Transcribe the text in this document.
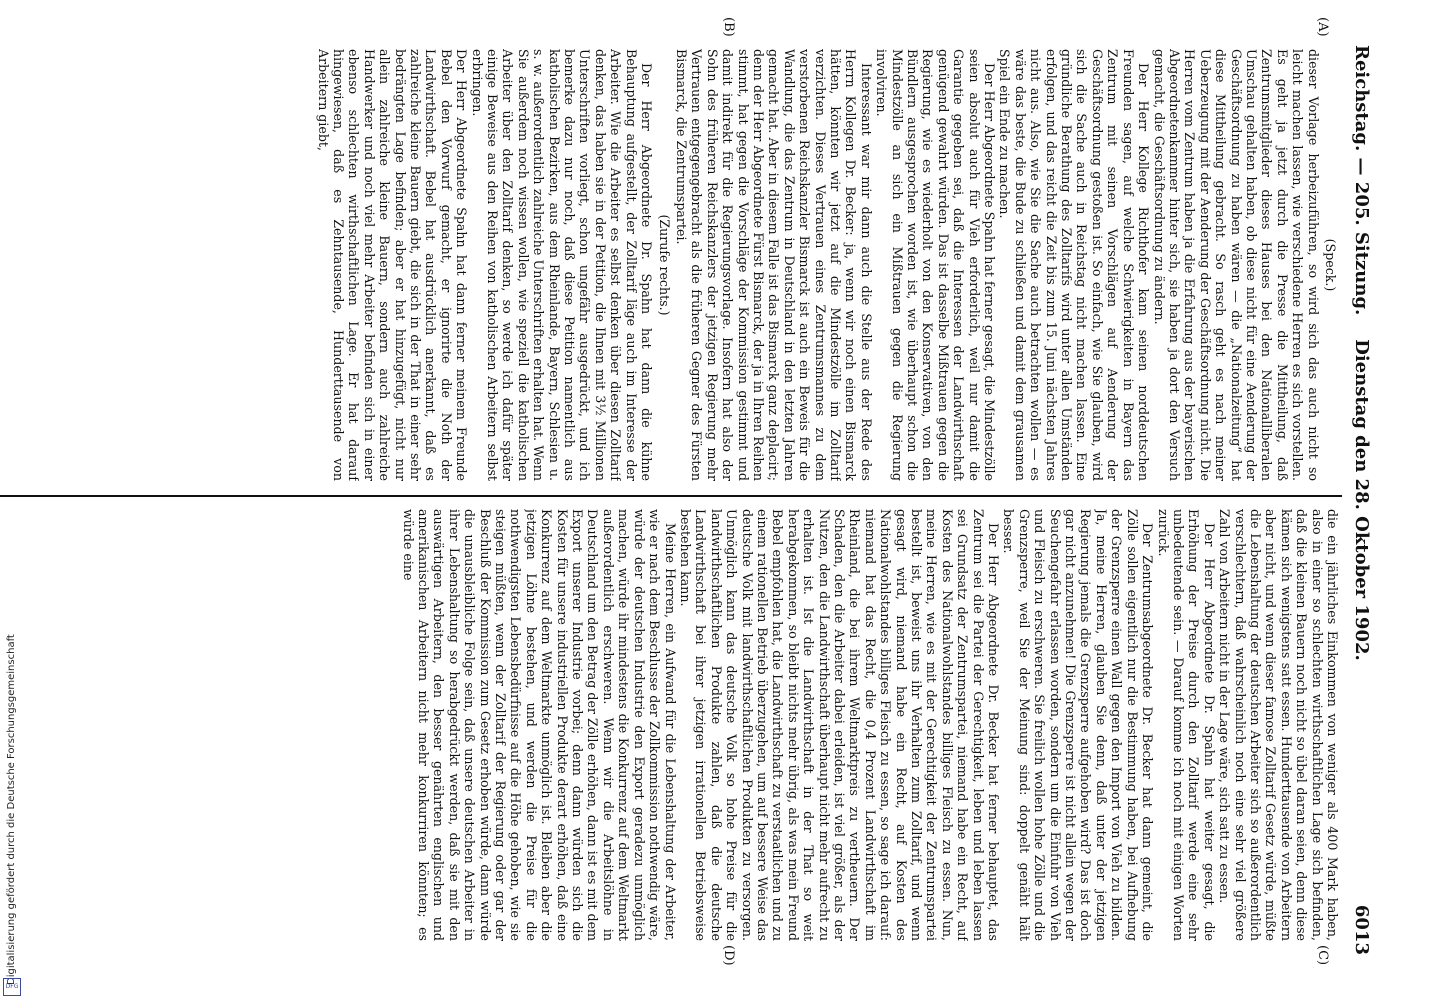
Reichstag. — 205. Sitzung.
Dienstag den 28. Oktober 1902.
6013
(A)
(B)
(C)
(D)

(Speck.)

dieser Vorlage herbeizuführen, so wird sich das auch nicht so leicht machen lassen, wie verschiedene Herren es sich vorstellen. Es geht ja jetzt durch die Presse die Mittheilung, daß Zentrumsmitglieder dieses Hauses bei den Nationalliberalen Umschau gehalten haben, ob diese nicht für eine Aenderung der Geschäftsordnung zu haben wären — die „Nationalzeitung“ hat diese Mittheilung gebracht. So rasch geht es nach meiner Ueberzeugung mit der Aenderung der Geschäftsordnung nicht. Die Herren vom Zentrum haben ja die Erfahrung aus der bayerischen Abgeordnetenkammer hinter sich, sie haben ja dort den Versuch gemacht, die Geschäftsordnung zu ändern.

Der Herr Kollege Richthofer kam seinen norddeutschen Freunden sagen, auf welche Schwierigkeiten in Bayern das Zentrum mit seinen Vorschlägen auf Aenderung der Geschäftsordnung gestoßen ist. So einfach, wie Sie glauben, wird sich die Sache auch in Reichstag nicht machen lassen. Eine gründliche Berathung des Zolltarifs wird unter allen Umständen erfolgen, und das reicht die Zeit bis zum 15. Juni nächsten Jahres nicht aus. Also, wie Sie die Sache auch betrachten wollen — es wäre das beste, die Bude zu schließen und damit dem grausamen Spiel ein Ende zu machen.

Der Herr Abgeordnete Spahn hat ferner gesagt, die Mindestzölle seien absolut auch für Vieh erforderlich, weil nur damit die Garantie gegeben sei, daß die Interessen der Landwirthschaft genügend gewahrt würden. Das ist dasselbe Mißtrauen gegen die Regierung, wie es wiederholt von den Konservativen, von den Bündlern ausgesprochen worden ist, wie überhaupt schon die Mindestzölle an sich ein Mißtrauen gegen die Regierung involviren.

Interessant war mir dann auch die Stelle aus der Rede des Herrn Kollegen Dr. Becker: ja, wenn wir noch einen Bismarck hätten, könnten wir jetzt auf die Mindestzölle im Zolltarif verzichten. Dieses Vertrauen eines Zentrumsmannes zu dem verstorbenen Reichskanzler Bismarck ist auch ein Beweis für die Wandlung, die das Zentrum in Deutschland in den letzten Jahren gemacht hat. Aber in diesem Falle ist das Bismarck ganz deplacirt; denn der Herr Abgeordnete Fürst Bismarck, der ja in Ihren Reihen stimmt, hat gegen die Vorschläge der Kommission gestimmt und damit indirekt für die Regierungsvorlage. Insofern hat also der Sohn des früheren Reichskanzlers der jetzigen Regierung mehr Vertrauen entgegengebracht als die früheren Gegner des Fürsten Bismarck, die Zentrumspartei.

(Zurufe rechts.)

Der Herr Abgeordnete Dr. Spahn hat dann die kühne Behauptung aufgestellt, der Zolltarif läge auch im Interesse der Arbeiter. Wie die Arbeiter es selbst denken über diesen Zolltarif denken, das haben sie in der Petition, die Ihnen mit 3½ Millionen Unterschriften vorliegt, schon ungefähr ausgedrückt, und ich bemerke dazu nur noch, daß diese Petition namentlich aus katholischen Bezirken, aus dem Rheinlande, Bayern, Schlesien u. s. w. außerordentlich zahlreiche Unterschriften erhalten hat. Wenn Sie außerdem noch wissen wollen, wie speziell die katholischen Arbeiter über den Zolltarif denken, so werde ich dafür später einige Beweise aus den Reihen von katholischen Arbeitern selbst erbringen.

Der Herr Abgeordnete Spahn hat dann ferner meinem Freunde Bebel den Vorwurf gemacht, er ignorirte die Noth der Landwirthschaft. Bebel hat ausdrücklich anerkannt, daß es zahlreiche kleine Bauern giebt, die sich in der That in einer sehr bedrängten Lage befinden; aber er hat hinzugefügt, nicht nur allein zahlreiche kleine Bauern, sondern auch zahlreiche Handwerker und noch viel mehr Arbeiter befinden sich in einer ebenso schlechten wirthschaftlichen Lage. Er hat darauf hingewiesen, daß es Zehntausende, Hunderttausende von Arbeitern giebt,

die ein jährliches Einkommen von weniger als 400 Mark haben, also in einer so schlechten wirthschaftlichen Lage sich befinden, daß die kleinen Bauern noch nicht so übel daran seien, denn diese kämen sich wenigstens satt essen. Hunderttausende von Arbeitern aber nicht, und wenn dieser famose Zolltarif Gesetz würde, müßte die Lebenshaltung der deutschen Arbeiter sich so außerordentlich verschlechtern, daß wahrscheinlich noch eine sehr viel größere Zahl von Arbeitern nicht in der Lage wäre, sich satt zu essen.

Der Herr Abgeordnete Dr. Spahn hat weiter gesagt, die Erhöhung der Preise durch den Zolltarif werde eine sehr unbedeutende sein. — Darauf komme ich noch mit einigen Worten zurück.

Der Zentrumsabgeordnete Dr. Becker hat dann gemeint, die Zölle sollen eigentlich nur die Bestimmung haben, bei Aufhebung der Grenzsperre einen Wall gegen den Import von Vieh zu bilden. Ja, meine Herren, glauben Sie denn, daß unter der jetzigen Regierung jemals die Grenzsperre aufgehoben wird? Das ist doch gar nicht anzunehmen! Die Grenzsperre ist nicht allein wegen der Seuchengefahr erlassen worden, sondern um die Einfuhr von Vieh und Fleisch zu erschweren. Sie freilich wollen hohe Zölle und die Grenzsperre, weil Sie der Meinung sind: doppelt genäht hält besser.

Der Herr Abgeordnete Dr. Becker hat ferner behauptet, das Zentrum sei die Partei der Gerechtigkeit, leben und leben lassen sei Grundsatz der Zentrumspartei, niemand habe ein Recht, auf Kosten des Nationalwohlstandes billiges Fleisch zu essen. Nun, meine Herren, wie es mit der Gerechtigkeit der Zentrumspartei bestellt ist, beweist uns ihr Verhalten zum Zolltarif, und wenn gesagt wird, niemand habe ein Recht, auf Kosten des Nationalwohlstandes billiges Fleisch zu essen, so sage ich darauf: niemand hat das Recht, die 0,4 Prozent Landwirthschaft im Rheinland, die bei ihrem Weltmarktpreis zu vertheuern. Der Schaden, den die Arbeiter dabei erleiden, ist viel größer, als der Nutzen, den die Landwirthschaft überhaupt nicht mehr aufrecht zu erhalten ist. Ist die Landwirthschaft in der That so weit herabgekommen, so bleibt nichts mehr übrig, als was mein Freund Bebel empfohlen hat, die Landwirthschaft zu verstaatlichen und zu einem rationellen Betrieb überzugehen, um auf bessere Weise das deutsche Volk mit landwirthschaftlichen Produkten zu versorgen. Unmöglich kann das deutsche Volk so hohe Preise für die landwirthschaftlichen Produkte zahlen, daß die deutsche Landwirthschaft bei ihrer jetzigen irrationellen Betriebsweise bestehen kann.

Meine Herren, ein Aufwand für die Lebenshaltung der Arbeiter, wie er nach dem Beschlusse der Zollkommission nothwendig wäre, würde der deutschen Industrie den Export geradezu unmöglich machen, würde ihr mindestens die Konkurrenz auf dem Weltmarkt außerordentlich erschweren. Wenn wir die Arbeitslöhne in Deutschland um den Betrag der Zölle erhöhen, dann ist es mit dem Export unserer Industrie vorbei; denn dann würden sich die Kosten für unsere industriellen Produkte derart erhöhen, daß eine Konkurrenz auf dem Weltmarkte unmöglich ist. Bleiben aber die jetzigen Löhne bestehen, und werden die Preise für die nothwendigsten Lebensbedürfnisse auf die Höhe gehoben, wie sie steigen müßten, wenn der Zolltarif der Regierung oder gar der Beschluß der Kommission zum Gesetz erhoben würde, dann würde die unausbleibliche Folge sein, daß unsere deutschen Arbeiter in ihrer Lebenshaltung so herabgedrückt werden, daß sie mit den auswärtigen Arbeitern, den besser genährten englischen und amerikanischen Arbeitern nicht mehr konkurriren könnten; es würde eine

Digitalisierung gefördert durch die Deutsche Forschungsgemeinschaft
DFG
